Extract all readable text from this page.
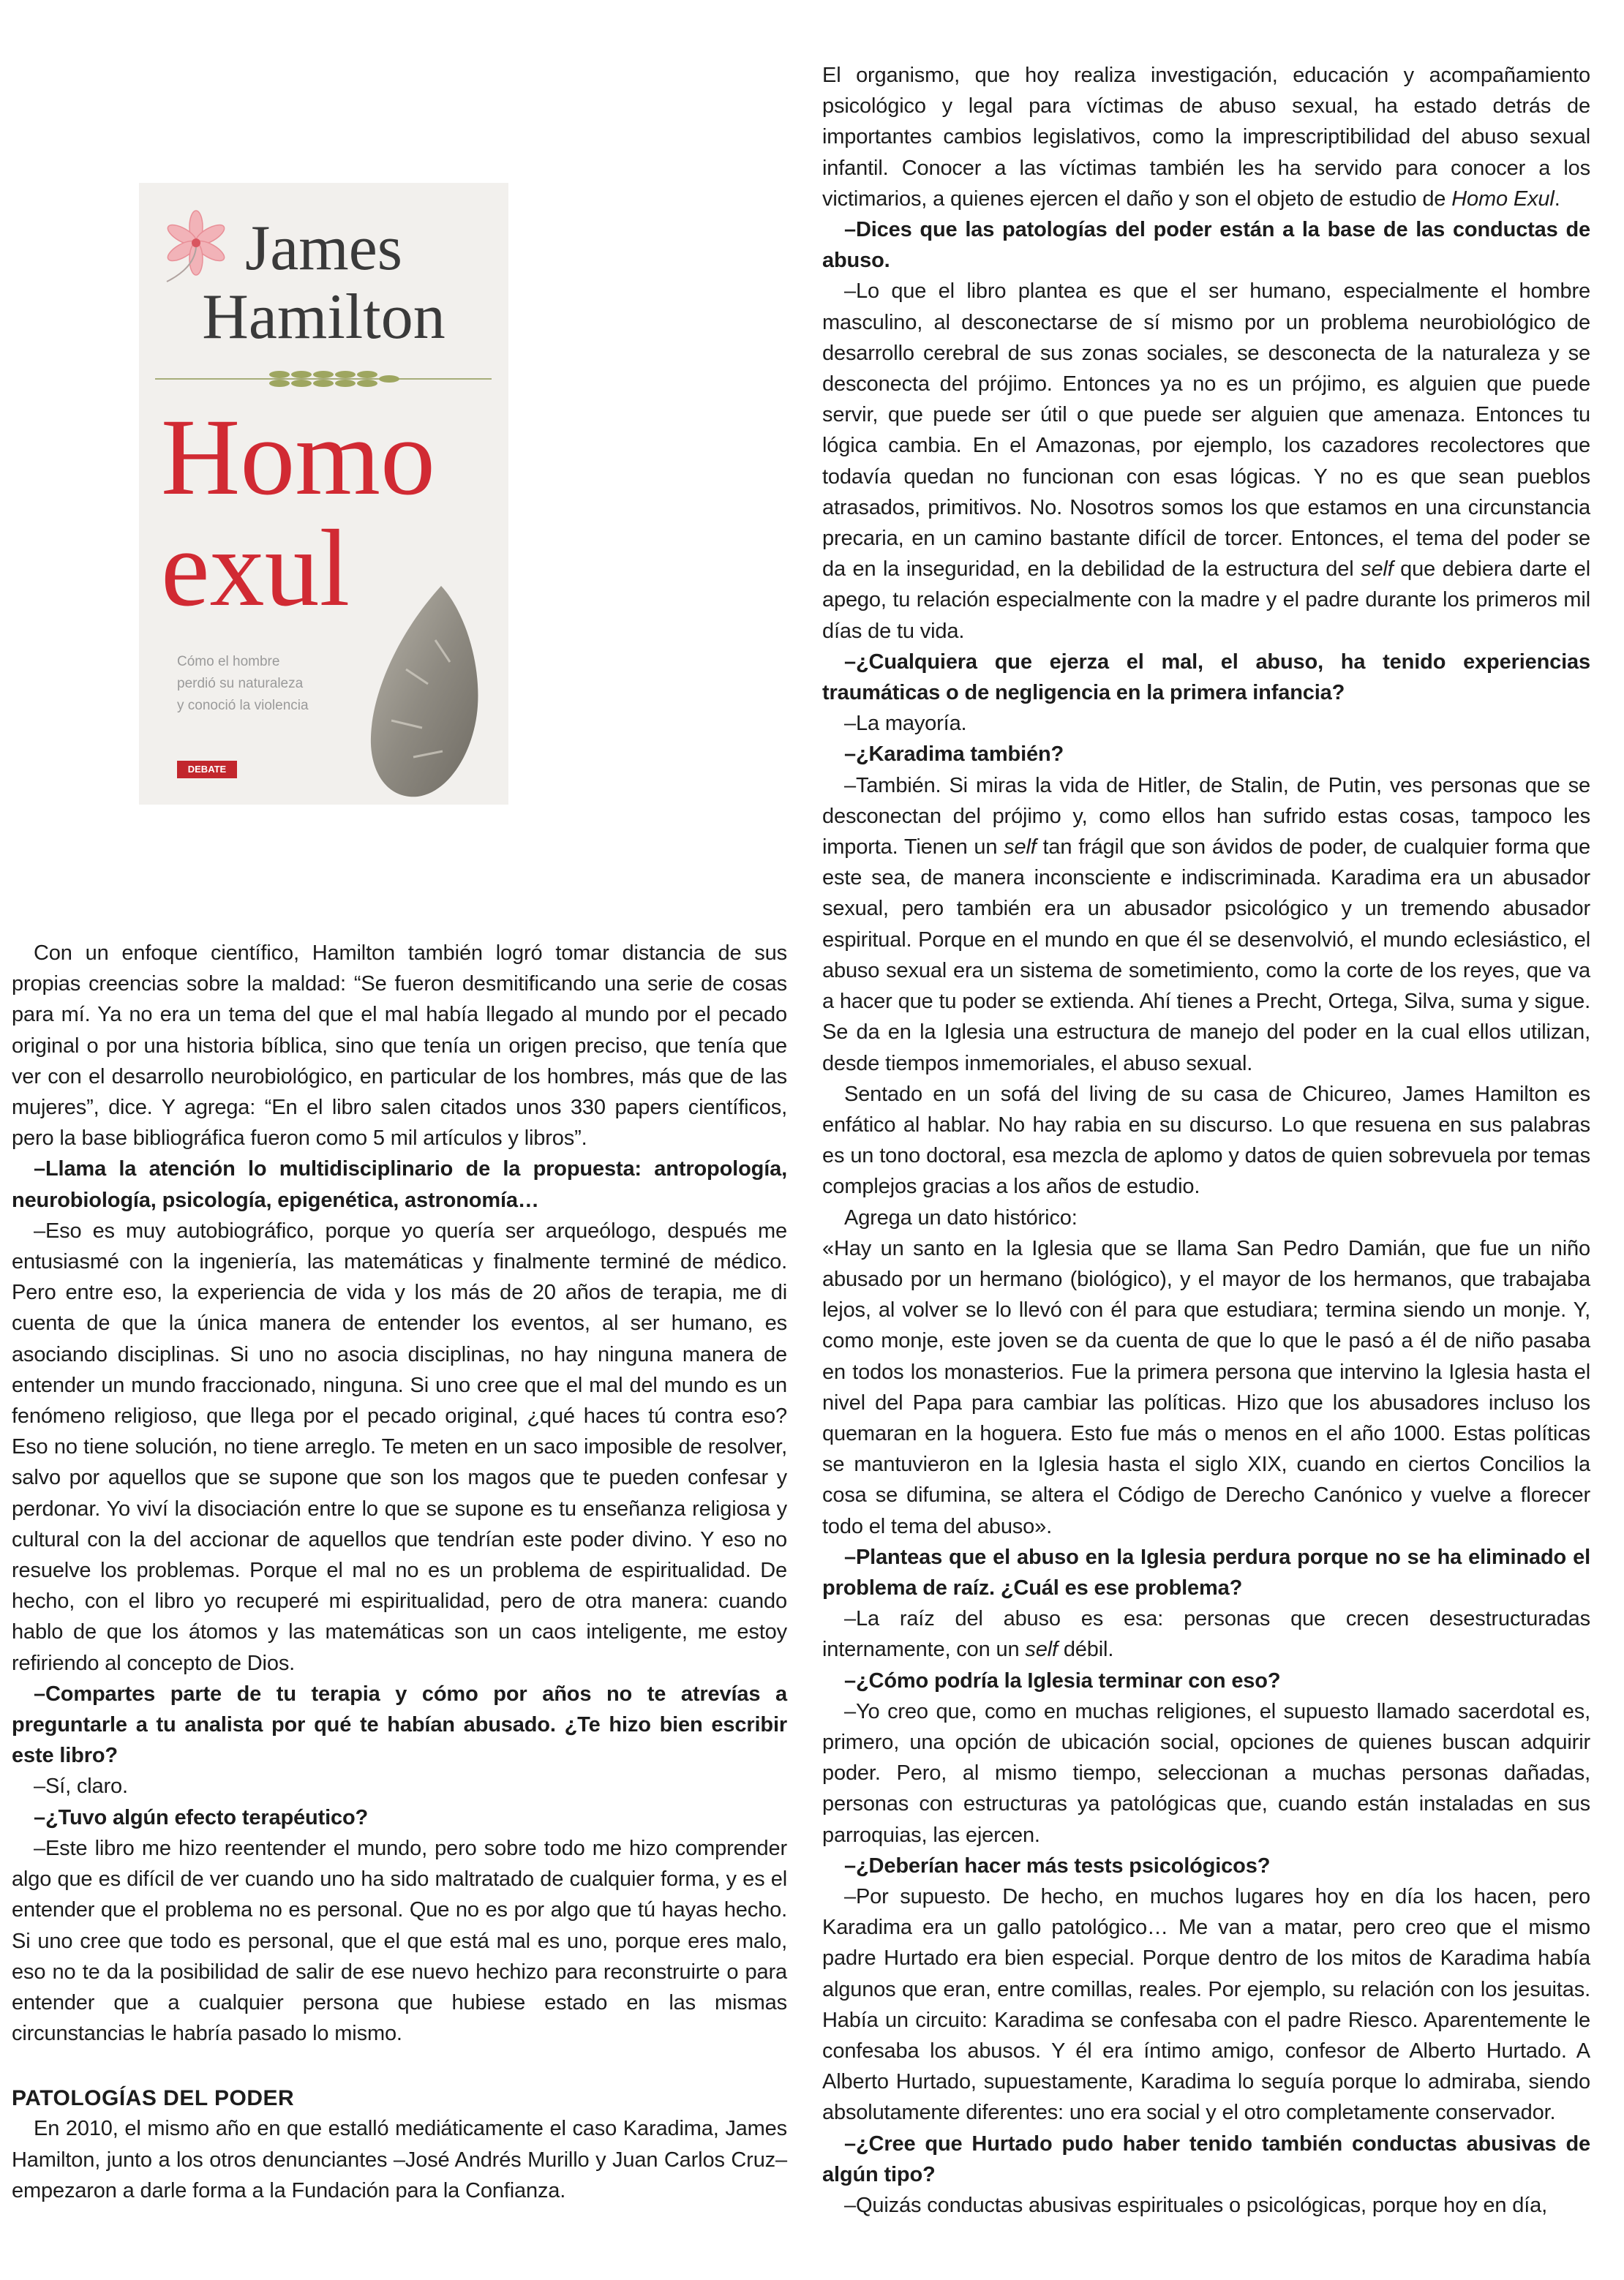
James
Hamilton
Homo
exul
Cómo el hombre
perdió su naturaleza
y conoció la violencia
DEBATE

Con un enfoque científico, Hamilton también logró tomar distancia de sus propias creencias sobre la maldad: “Se fueron desmitificando una serie de cosas para mí. Ya no era un tema del que el mal había llegado al mundo por el pecado original o por una historia bíblica, sino que tenía un origen preciso, que tenía que ver con el desarrollo neurobiológico, en particular de los hombres, más que de las mujeres”, dice. Y agrega: “En el libro salen citados unos 330 papers científicos, pero la base bibliográfica fueron como 5 mil artículos y libros”.

–Llama la atención lo multidisciplinario de la propuesta: antropología, neurobiología, psicología, epigenética, astronomía…

–Eso es muy autobiográfico, porque yo quería ser arqueólogo, después me entusiasmé con la ingeniería, las matemáticas y finalmente terminé de médico. Pero entre eso, la experiencia de vida y los más de 20 años de terapia, me di cuenta de que la única manera de entender los eventos, al ser humano, es asociando disciplinas. Si uno no asocia disciplinas, no hay ninguna manera de entender un mundo fraccionado, ninguna. Si uno cree que el mal del mundo es un fenómeno religioso, que llega por el pecado original, ¿qué haces tú contra eso? Eso no tiene solución, no tiene arreglo. Te meten en un saco imposible de resolver, salvo por aquellos que se supone que son los magos que te pueden confesar y perdonar. Yo viví la disociación entre lo que se supone es tu enseñanza religiosa y cultural con la del accionar de aquellos que tendrían este poder divino. Y eso no resuelve los problemas. Porque el mal no es un problema de espiritualidad. De hecho, con el libro yo recuperé mi espiritualidad, pero de otra manera: cuando hablo de que los átomos y las matemáticas son un caos inteligente, me estoy refiriendo al concepto de Dios.

–Compartes parte de tu terapia y cómo por años no te atrevías a preguntarle a tu analista por qué te habían abusado. ¿Te hizo bien escribir este libro?

–Sí, claro.

–¿Tuvo algún efecto terapéutico?

–Este libro me hizo reentender el mundo, pero sobre todo me hizo comprender algo que es difícil de ver cuando uno ha sido maltratado de cualquier forma, y es el entender que el problema no es personal. Que no es por algo que tú hayas hecho. Si uno cree que todo es personal, que el que está mal es uno, porque eres malo, eso no te da la posibilidad de salir de ese nuevo hechizo para reconstruirte o para entender que a cualquier persona que hubiese estado en las mismas circunstancias le habría pasado lo mismo.

PATOLOGÍAS DEL PODER

En 2010, el mismo año en que estalló mediáticamente el caso Karadima, James Hamilton, junto a los otros denunciantes –José Andrés Murillo y Juan Carlos Cruz– empezaron a darle forma a la Fundación para la Confianza.

El organismo, que hoy realiza investigación, educación y acompañamiento psicológico y legal para víctimas de abuso sexual, ha estado detrás de importantes cambios legislativos, como la imprescriptibilidad del abuso sexual infantil. Conocer a las víctimas también les ha servido para conocer a los victimarios, a quienes ejercen el daño y son el objeto de estudio de Homo Exul.

–Dices que las patologías del poder están a la base de las conductas de abuso.

–Lo que el libro plantea es que el ser humano, especialmente el hombre masculino, al desconectarse de sí mismo por un problema neurobiológico de desarrollo cerebral de sus zonas sociales, se desconecta de la naturaleza y se desconecta del prójimo. Entonces ya no es un prójimo, es alguien que puede servir, que puede ser útil o que puede ser alguien que amenaza. Entonces tu lógica cambia. En el Amazonas, por ejemplo, los cazadores recolectores que todavía quedan no funcionan con esas lógicas. Y no es que sean pueblos atrasados, primitivos. No. Nosotros somos los que estamos en una circunstancia precaria, en un camino bastante difícil de torcer. Entonces, el tema del poder se da en la inseguridad, en la debilidad de la estructura del self que debiera darte el apego, tu relación especialmente con la madre y el padre durante los primeros mil días de tu vida.

–¿Cualquiera que ejerza el mal, el abuso, ha tenido experiencias traumáticas o de negligencia en la primera infancia?

–La mayoría.

–¿Karadima también?

–También. Si miras la vida de Hitler, de Stalin, de Putin, ves personas que se desconectan del prójimo y, como ellos han sufrido estas cosas, tampoco les importa. Tienen un self tan frágil que son ávidos de poder, de cualquier forma que este sea, de manera inconsciente e indiscriminada. Karadima era un abusador sexual, pero también era un abusador psicológico y un tremendo abusador espiritual. Porque en el mundo en que él se desenvolvió, el mundo eclesiástico, el abuso sexual era un sistema de sometimiento, como la corte de los reyes, que va a hacer que tu poder se extienda. Ahí tienes a Precht, Ortega, Silva, suma y sigue. Se da en la Iglesia una estructura de manejo del poder en la cual ellos utilizan, desde tiempos inmemoriales, el abuso sexual.

Sentado en un sofá del living de su casa de Chicureo, James Hamilton es enfático al hablar. No hay rabia en su discurso. Lo que resuena en sus palabras es un tono doctoral, esa mezcla de aplomo y datos de quien sobrevuela por temas complejos gracias a los años de estudio.

Agrega un dato histórico:

«Hay un santo en la Iglesia que se llama San Pedro Damián, que fue un niño abusado por un hermano (biológico), y el mayor de los hermanos, que trabajaba lejos, al volver se lo llevó con él para que estudiara; termina siendo un monje. Y, como monje, este joven se da cuenta de que lo que le pasó a él de niño pasaba en todos los monasterios. Fue la primera persona que intervino la Iglesia hasta el nivel del Papa para cambiar las políticas. Hizo que los abusadores incluso los quemaran en la hoguera. Esto fue más o menos en el año 1000. Estas políticas se mantuvieron en la Iglesia hasta el siglo XIX, cuando en ciertos Concilios la cosa se difumina, se altera el Código de Derecho Canónico y vuelve a florecer todo el tema del abuso».

–Planteas que el abuso en la Iglesia perdura porque no se ha eliminado el problema de raíz. ¿Cuál es ese problema?

–La raíz del abuso es esa: personas que crecen desestructuradas internamente, con un self débil.

–¿Cómo podría la Iglesia terminar con eso?

–Yo creo que, como en muchas religiones, el supuesto llamado sacerdotal es, primero, una opción de ubicación social, opciones de quienes buscan adquirir poder. Pero, al mismo tiempo, seleccionan a muchas personas dañadas, personas con estructuras ya patológicas que, cuando están instaladas en sus parroquias, las ejercen.

–¿Deberían hacer más tests psicológicos?

–Por supuesto. De hecho, en muchos lugares hoy en día los hacen, pero Karadima era un gallo patológico… Me van a matar, pero creo que el mismo padre Hurtado era bien especial. Porque dentro de los mitos de Karadima había algunos que eran, entre comillas, reales. Por ejemplo, su relación con los jesuitas. Había un circuito: Karadima se confesaba con el padre Riesco. Aparentemente le confesaba los abusos. Y él era íntimo amigo, confesor de Alberto Hurtado. A Alberto Hurtado, supuestamente, Karadima lo seguía porque lo admiraba, siendo absolutamente diferentes: uno era social y el otro completamente conservador.

–¿Cree que Hurtado pudo haber tenido también conductas abusivas de algún tipo?

–Quizás conductas abusivas espirituales o psicológicas, porque hoy en día,
